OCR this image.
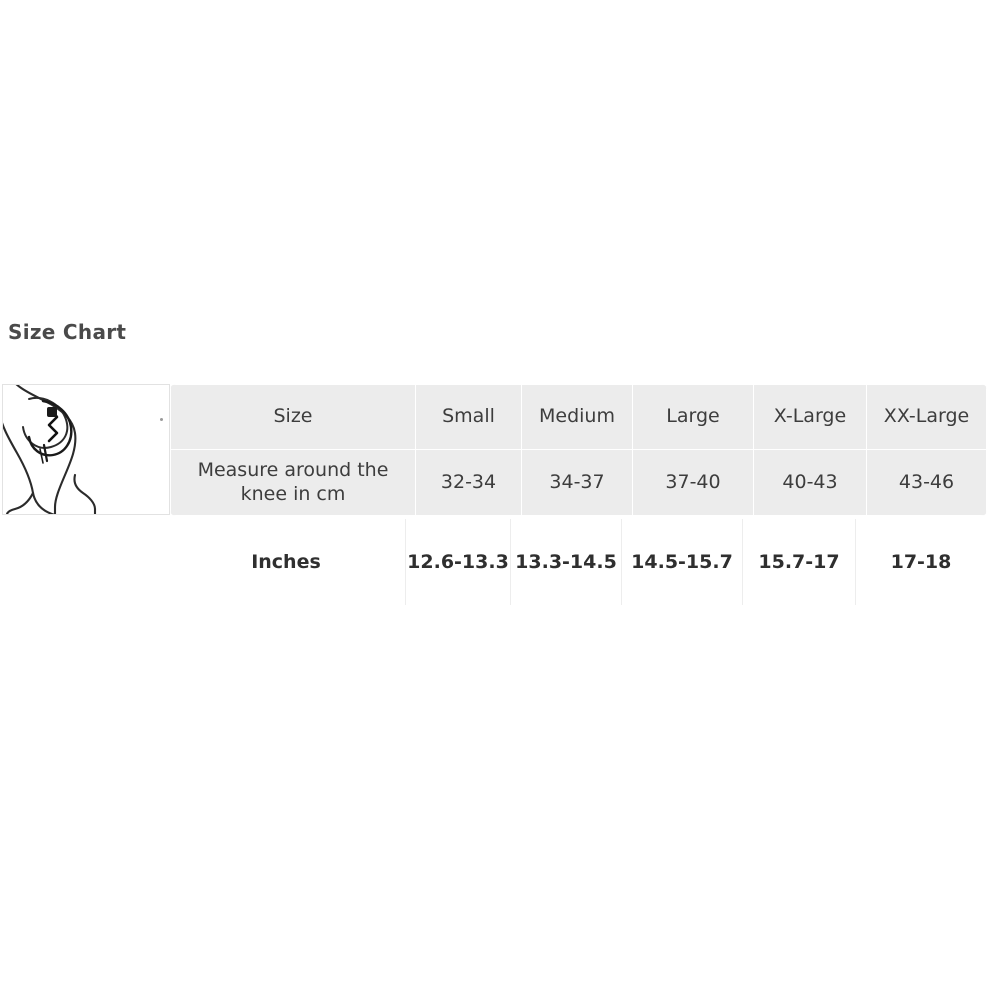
Size Chart
Size	Small	Medium	Large	X-Large	XX-Large
Measure around the knee in cm	32-34	34-37	37-40	40-43	43-46
Inches	12.6-13.3	13.3-14.5	14.5-15.7	15.7-17	17-18
